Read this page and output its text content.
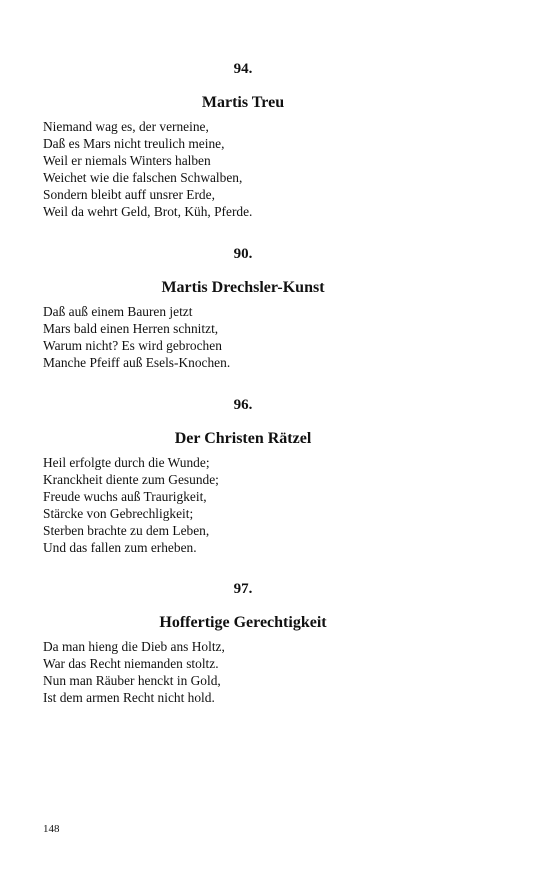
94.

Martis Treu
Niemand wag es, der verneine,
Daß es Mars nicht treulich meine,
Weil er niemals Winters halben
Weichet wie die falschen Schwalben,
Sondern bleibt auff unsrer Erde,
Weil da wehrt Geld, Brot, Küh, Pferde.

90.

Martis Drechsler-Kunst
Daß auß einem Bauren jetzt
Mars bald einen Herren schnitzt,
Warum nicht? Es wird gebrochen
Manche Pfeiff auß Esels-Knochen.

96.

Der Christen Rätzel
Heil erfolgte durch die Wunde;
Kranckheit diente zum Gesunde;
Freude wuchs auß Traurigkeit,
Stärcke von Gebrechligkeit;
Sterben brachte zu dem Leben,
Und das fallen zum erheben.

97.

Hoffertige Gerechtigkeit
Da man hieng die Dieb ans Holtz,
War das Recht niemanden stoltz.
Nun man Räuber henckt in Gold,
Ist dem armen Recht nicht hold.
148
